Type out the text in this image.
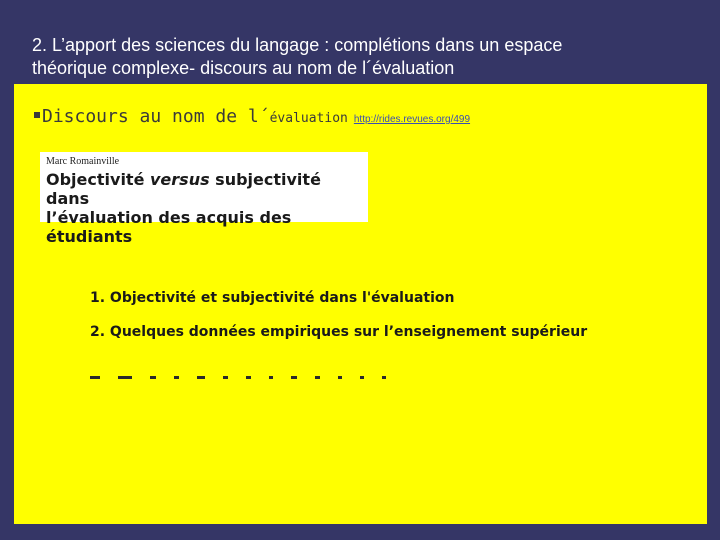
2. L’apport des sciences du langage : complétions dans un espace
théorique complexe- discours au nom de l´évaluation
Discours au nom de l´évaluation http://rides.revues.org/499
Marc Romainville
Objectivité versus subjectivité dans
l’évaluation des acquis des étudiants
1. Objectivité et subjectivité dans l'évaluation
2. Quelques données empiriques sur l’enseignement supérieur
